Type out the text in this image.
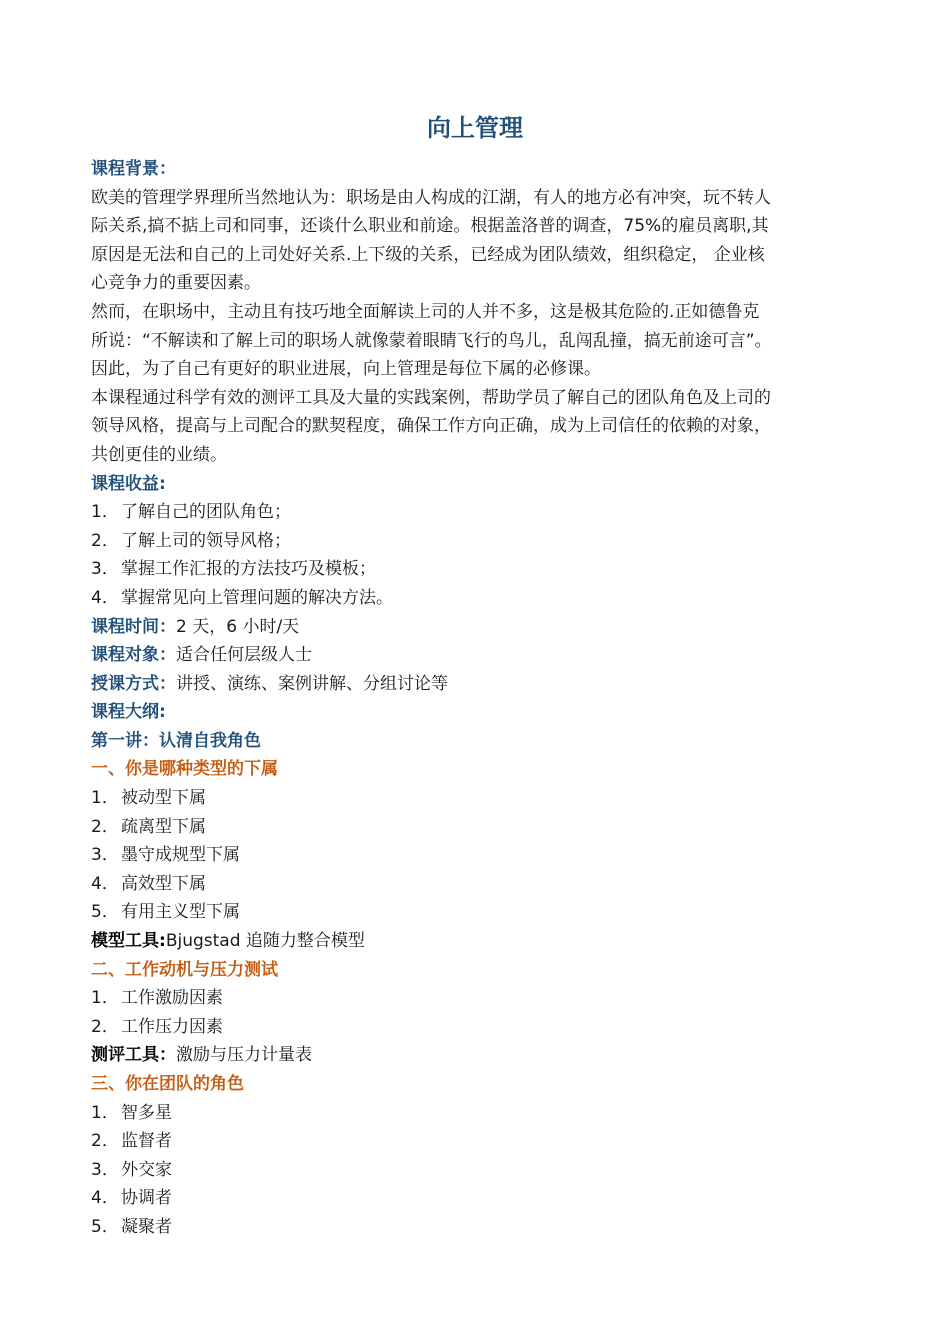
向上管理
课程背景：
欧美的管理学界理所当然地认为：职场是由人构成的江湖，有人的地方必有冲突，玩不转人
际关系,搞不掂上司和同事，还谈什么职业和前途。根据盖洛普的调查，75%的雇员离职,其
原因是无法和自己的上司处好关系.上下级的关系，已经成为团队绩效，组织稳定， 企业核
心竞争力的重要因素。
然而，在职场中，主动且有技巧地全面解读上司的人并不多，这是极其危险的.正如德鲁克
所说：“不解读和了解上司的职场人就像蒙着眼睛飞行的鸟儿，乱闯乱撞，搞无前途可言”。
因此，为了自己有更好的职业进展，向上管理是每位下属的必修课。
本课程通过科学有效的测评工具及大量的实践案例，帮助学员了解自己的团队角色及上司的
领导风格，提高与上司配合的默契程度，确保工作方向正确，成为上司信任的依赖的对象，
共创更佳的业绩。
课程收益:
1． 了解自己的团队角色；
2． 了解上司的领导风格；
3． 掌握工作汇报的方法技巧及模板；
4． 掌握常见向上管理问题的解决方法。
课程时间：2 天，6 小时/天
课程对象：适合任何层级人士
授课方式：讲授、演练、案例讲解、分组讨论等
课程大纲:
第一讲：认清自我角色
一、你是哪种类型的下属
1． 被动型下属
2． 疏离型下属
3． 墨守成规型下属
4． 高效型下属
5． 有用主义型下属
模型工具:Bjugstad 追随力整合模型
二、工作动机与压力测试
1． 工作激励因素
2． 工作压力因素
测评工具：激励与压力计量表
三、你在团队的角色
1． 智多星
2． 监督者
3． 外交家
4． 协调者
5． 凝聚者
